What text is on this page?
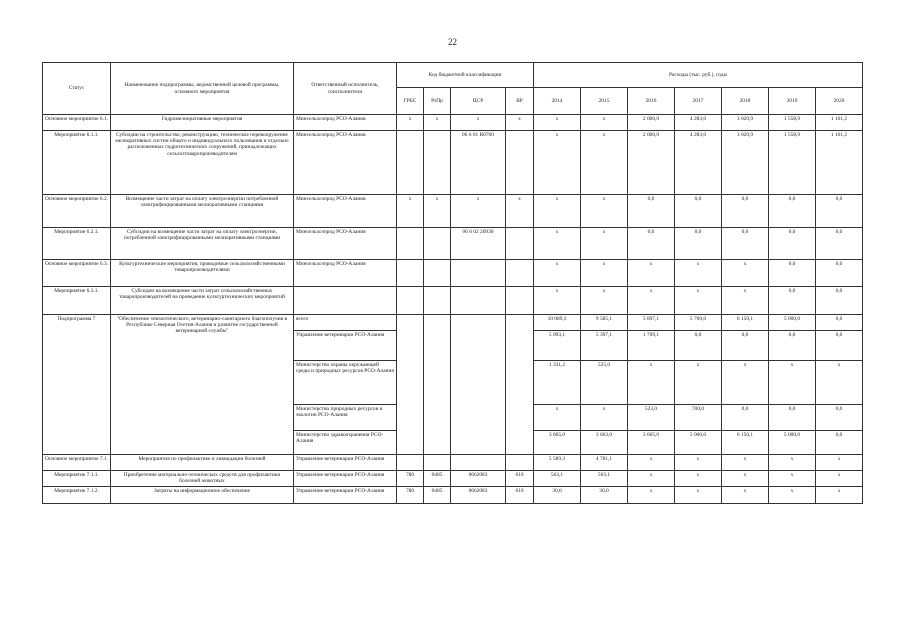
22
Статус	Наименование подпрограммы, ведомственной целевой программы, основного мероприятия	Ответственный исполнитель, соисполнители	Код бюджетной классификации				Расходы (тыс. руб.), годы						
			ГРБС	РзПр	ЦСР	ВР	2014	2015	2016	2017	2018	2019	2020
Основное мероприятие 6.1.	Гидромелиоративные мероприятия	Минсельхозпрод РСО-Алания	х	х	х	х	х	х	2 000,0	4 283,0	3 020,9	1 558,9	1 161,2
Мероприятие 6.1.1.	Субсидии на строительство, реконструкцию, техническое перевооружение мелиоративных систем общего и индивидуального пользования и отдельно расположенных гидротехнических сооружений, принадлежащих сельхозтоваропроизводителям	Минсельхозпрод РСО-Алания			06 6 01 R0760		х	х	2 000,0	4 283,0	3 020,9	1 558,9	1 161,2
Основное мероприятие 6.2.	Возмещение части затрат на оплату электроэнергии потребленной электрифицированными мелиоративными станциями	Минсельхозпрод РСО-Алания	х	х	х	х	х	х	0,0	0,0	0,0	0,0	0,0
Мероприятие 6.2.1.	Субсидии на возмещение части затрат на оплату электроэнергии, потребленной электрифицированными мелиоративными станциями	Минсельхозпрод РСО-Алания			06 6 02 20930		х	х	0,0	0,0	0,0	0,0	0,0
Основное мероприятие 6.3.	Культуртехнические мероприятия, проводимые сельскохозяйственными товаропроизводителями	Минсельхозпрод РСО-Алания					х	х	х	х	х	0,0	0,0
Мероприятие 6.3.1.	Субсидии на возмещение части затрат сельскохозяйственных товаропроизводителей на проведение культуртехнических мероприятий						х	х	х	х	х	0,0	0,0
Подпрограмма 7	"Обеспечение эпизоотического, ветеринарно-санитарного благополучия в Республике Северная Осетия-Алания и развитие государственной ветеринарной службы"	всего					10 089,3	9 585,1	5 897,1	5 700,0	6 150,1	5 000,0	0,0
		Управление ветеринарии РСО-Алания					5 093,1	5 397,1	1 709,1	0,0	0,0	0,0	0,0
		Министерство охраны окружающей среды и природных ресурсов РСО-Алания					1 331,2	525,0	х	х	х	х	х
		Министерство природных ресурсов и экологии РСО-Алания					х	х	523,0	700,0	0,0	0,0	0,0
		Министерство здравоохранения РСО-Алания					3 665,0	3 663,0	3 665,0	5 000,0	6 150,1	5 000,0	0,0
Основное мероприятие 7.1.	Мероприятия по профилактике и ликвидации болезней	Управление ветеринарии РСО-Алания					5 589,3	4 781,1	х	х	х	х	х
Мероприятие 7.1.1.	Приобретение материально-технических средств для профилактики болезней животных	Управление ветеринарии РСО-Алания	780	0405	0662083	610	563,1	563,1	х	х	х	х	х
Мероприятие 7.1.2.	Затраты на информационное обеспечение	Управление ветеринарии РСО-Алания	780	0405	0662083	610	30,0	30,0	х	х	х	х	х
